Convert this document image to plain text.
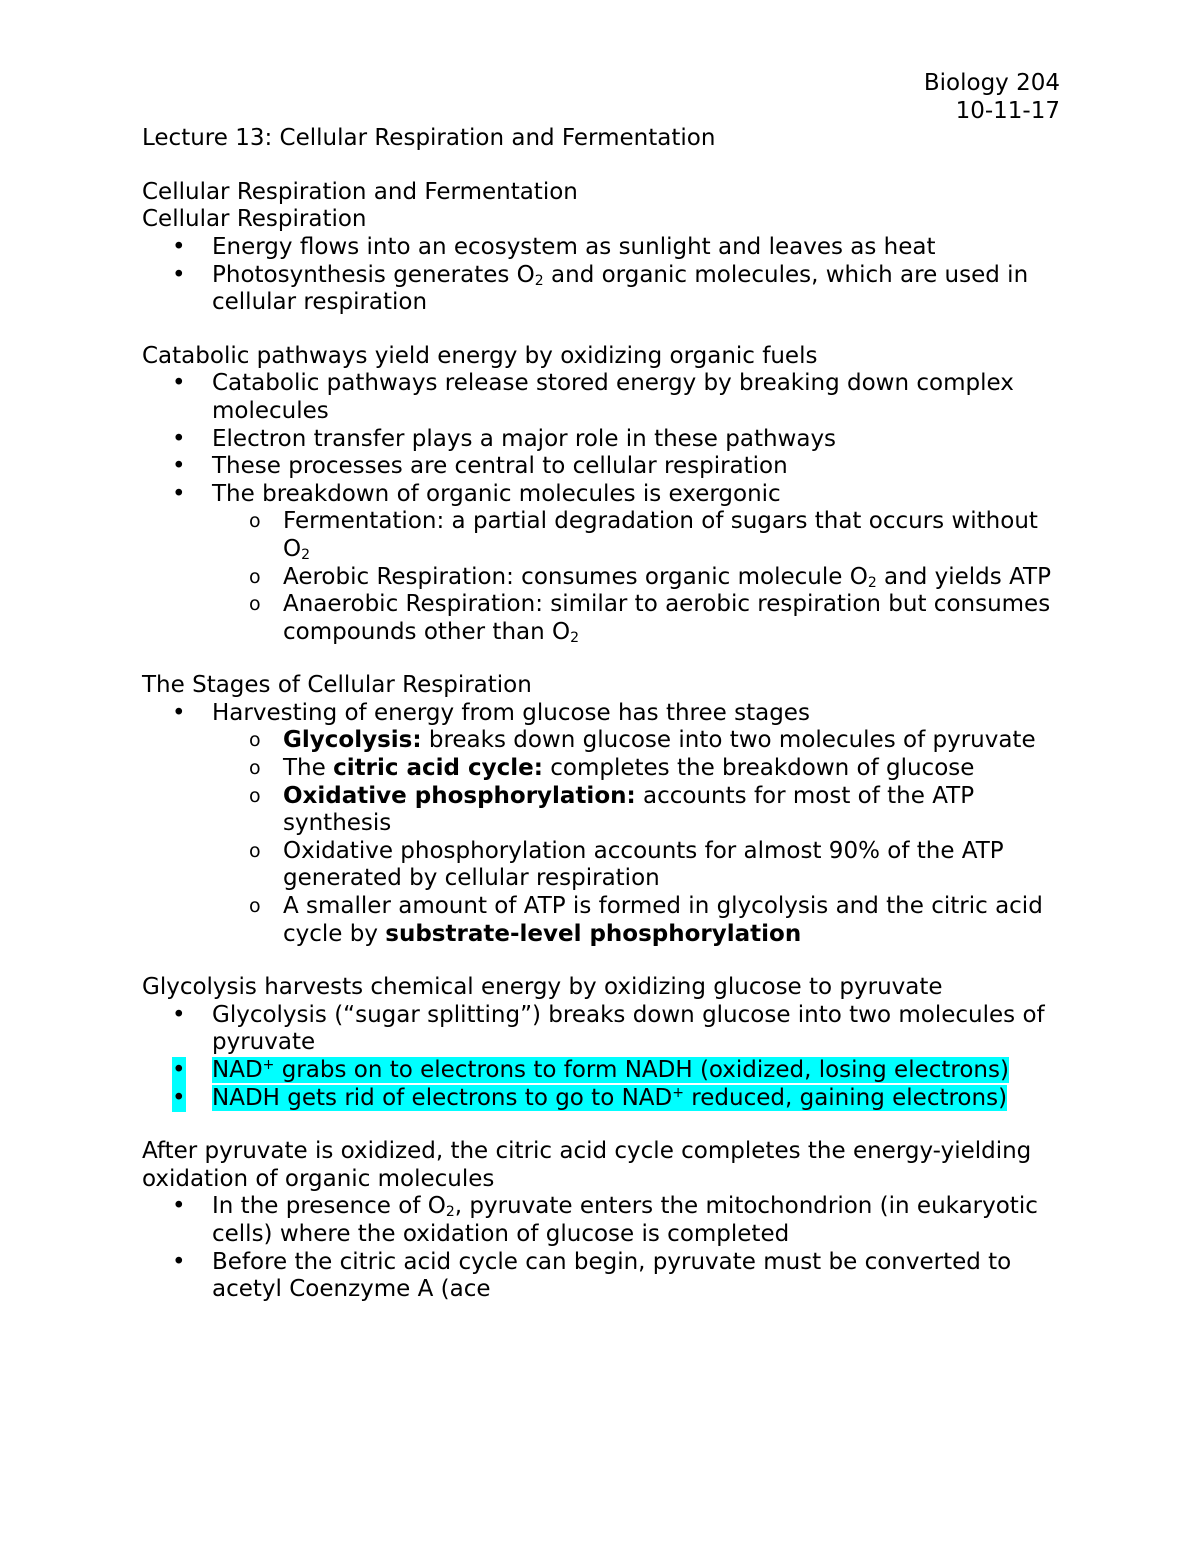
Biology 204
10-11-17
Lecture 13: Cellular Respiration and Fermentation
Cellular Respiration and Fermentation
Cellular Respiration
• Energy flows into an ecosystem as sunlight and leaves as heat
• Photosynthesis generates $O_2$ and organic molecules, which are used in cellular respiration
Catabolic pathways yield energy by oxidizing organic fuels
• Catabolic pathways release stored energy by breaking down complex molecules
• Electron transfer plays a major role in these pathways
• These processes are central to cellular respiration
• The breakdown of organic molecules is exergonic
o Fermentation: a partial degradation of sugars that occurs without $O_2$
o Aerobic Respiration: consumes organic molecule $O_2$ and yields ATP
o Anaerobic Respiration: similar to aerobic respiration but consumes compounds other than $O_2$
The Stages of Cellular Respiration
• Harvesting of energy from glucose has three stages
o Glycolysis: breaks down glucose into two molecules of pyruvate
o The citric acid cycle: completes the breakdown of glucose
o Oxidative phosphorylation: accounts for most of the ATP synthesis
o Oxidative phosphorylation accounts for almost 90% of the ATP generated by cellular respiration
o A smaller amount of ATP is formed in glycolysis and the citric acid cycle by substrate-level phosphorylation
Glycolysis harvests chemical energy by oxidizing glucose to pyruvate
• Glycolysis (“sugar splitting”) breaks down glucose into two molecules of pyruvate
• NAD+ grabs on to electrons to form NADH (oxidized, losing electrons)
• NADH gets rid of electrons to go to NAD+ reduced, gaining electrons)
After pyruvate is oxidized, the citric acid cycle completes the energy-yielding oxidation of organic molecules
• In the presence of $O_2$, pyruvate enters the mitochondrion (in eukaryotic cells) where the oxidation of glucose is completed
• Before the citric acid cycle can begin, pyruvate must be converted to acetyl Coenzyme A (ace
